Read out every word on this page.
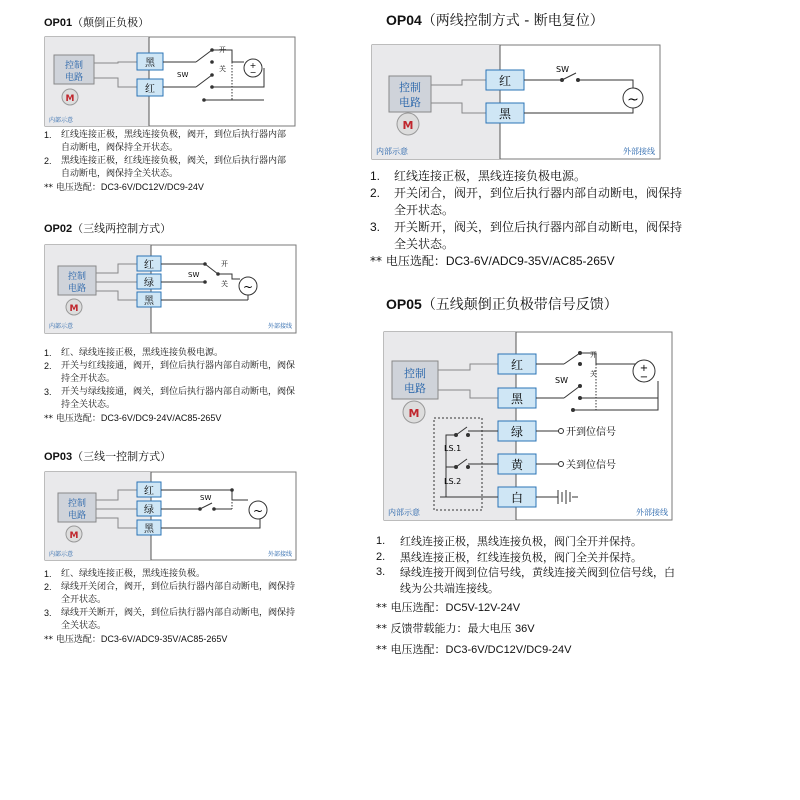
OP01（颠倒正负极）
控制
电路
M
黑
红
开
关
SW
+
−
内部示意
1. 红线连接正极，黑线连接负极，阀开，到位后执行器内部自动断电，阀保持全开状态。
2. 黑线连接正极，红线连接负极，阀关，到位后执行器内部自动断电，阀保持全关状态。
** 电压选配：DC3-6V/DC12V/DC9-24V
OP02（三线两控制方式）
控制
电路
M
红
绿
黑
SW
开
关 ~
内部示意	外部接线
1. 红、绿线连接正极，黑线连接负极电源。
2. 开关与红线接通，阀开，到位后执行器内部自动断电，阀保持全开状态。
3. 开关与绿线接通，阀关，到位后执行器内部自动断电，阀保持全关状态。
** 电压选配：DC3-6V/DC9-24V/AC85-265V
OP03（三线一控制方式）
控制
电路
M
红
绿
黑
SW
~
内部示意	外部接线
1. 红、绿线连接正极，黑线连接负极。
2. 绿线开关闭合，阀开，到位后执行器内部自动断电，阀保持全开状态。
3. 绿线开关断开，阀关，到位后执行器内部自动断电，阀保持全关状态。
** 电压选配：DC3-6V/ADC9-35V/AC85-265V
OP04（两线控制方式 - 断电复位）
控制
电路
M
红
黑
SW
~
内部示意	外部接线
1. 红线连接正极，黑线连接负极电源。
2. 开关闭合，阀开，到位后执行器内部自动断电，阀保持全开状态。
3. 开关断开，阀关，到位后执行器内部自动断电，阀保持全关状态。
** 电压选配：DC3-6V/ADC9-35V/AC85-265V
OP05（五线颠倒正负极带信号反馈）
控制
电路
M
红
黑
绿
黄
白
开
关
SW
+
−
LS.1
LS.2
开到位信号
关到位信号
内部示意	外部接线
1. 红线连接正极，黑线连接负极，阀门全开并保持。
2. 黑线连接正极，红线连接负极，阀门全关并保持。
3. 绿线连接开阀到位信号线，黄线连接关阀到位信号线，白线为公共端连接线。
** 电压选配：DC5V-12V-24V
** 反馈带载能力：最大电压 36V
** 电压选配：DC3-6V/DC12V/DC9-24V
